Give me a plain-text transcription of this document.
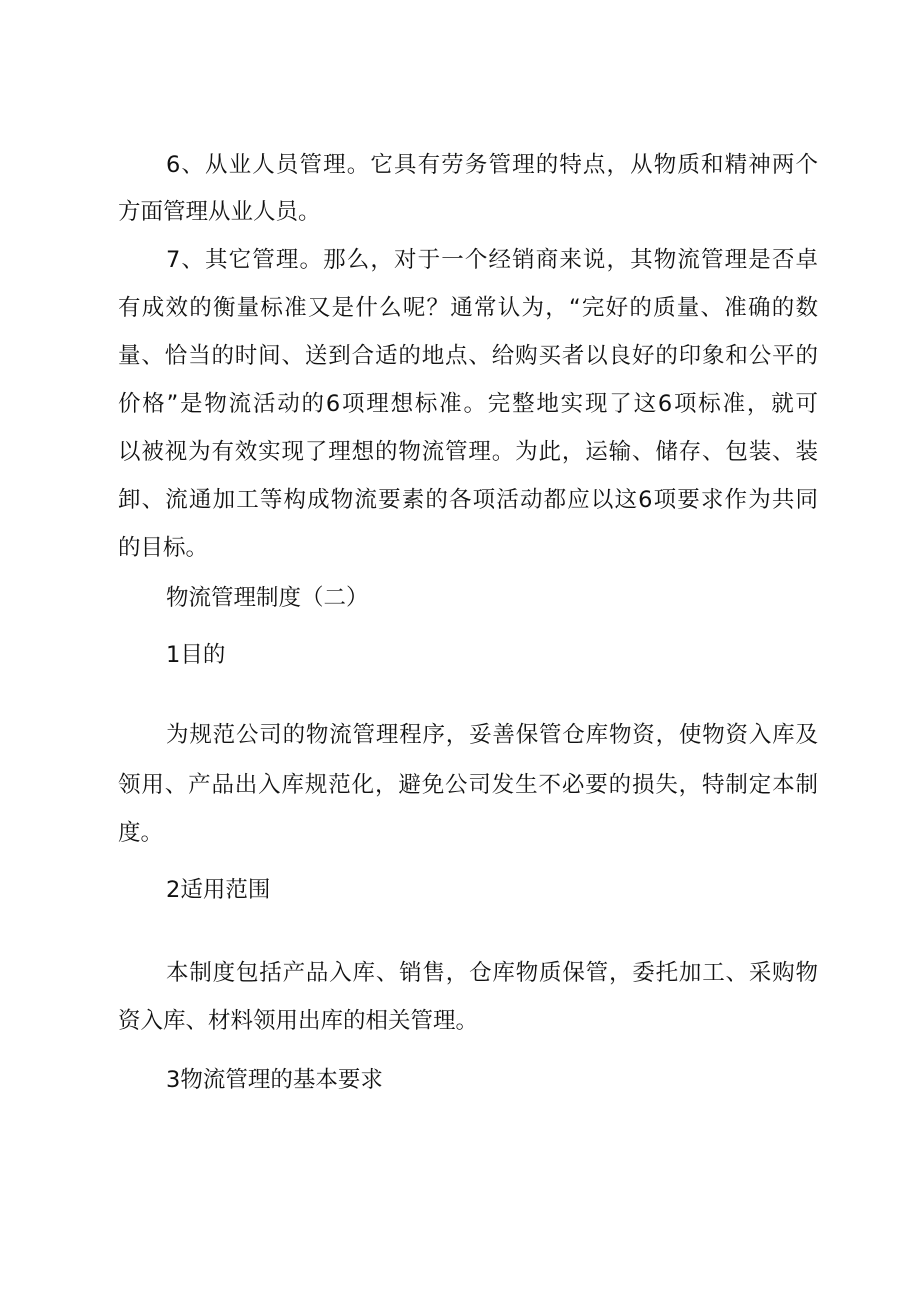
6、从业人员管理。它具有劳务管理的特点，从物质和精神两个
方面管理从业人员。
7、其它管理。那么，对于一个经销商来说，其物流管理是否卓
有成效的衡量标准又是什么呢？通常认为，“完好的质量、准确的数
量、恰当的时间、送到合适的地点、给购买者以良好的印象和公平的
价格”是物流活动的6项理想标准。完整地实现了这6项标准，就可
以被视为有效实现了理想的物流管理。为此，运输、储存、包装、装
卸、流通加工等构成物流要素的各项活动都应以这6项要求作为共同
的目标。
物流管理制度（二）
1目的
为规范公司的物流管理程序，妥善保管仓库物资，使物资入库及
领用、产品出入库规范化，避免公司发生不必要的损失，特制定本制
度。
2适用范围
本制度包括产品入库、销售，仓库物质保管，委托加工、采购物
资入库、材料领用出库的相关管理。
3物流管理的基本要求
